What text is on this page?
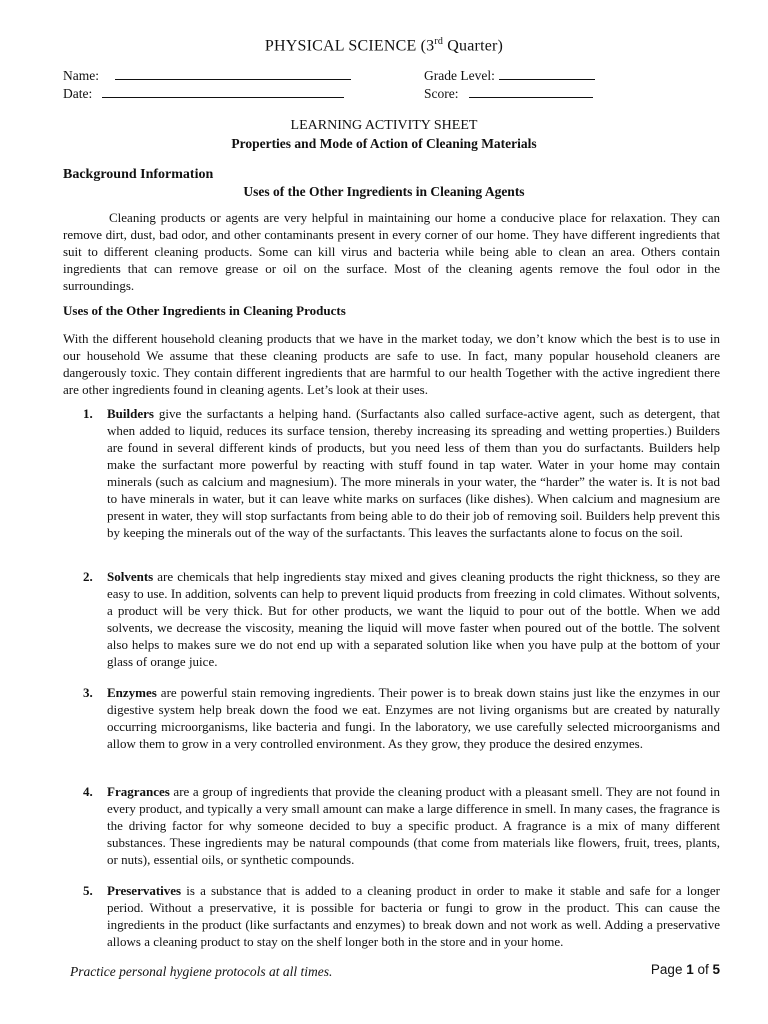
PHYSICAL SCIENCE (3rd Quarter)
Name:
Date:
Grade Level:
Score:
LEARNING ACTIVITY SHEET
Properties and Mode of Action of Cleaning Materials
Background Information
Uses of the Other Ingredients in Cleaning Agents

Cleaning products or agents are very helpful in maintaining our home a conducive place for relaxation. They can remove dirt, dust, bad odor, and other contaminants present in every corner of our home. They have different ingredients that suit to different cleaning products. Some can kill virus and bacteria while being able to clean an area. Others contain ingredients that can remove grease or oil on the surface. Most of the cleaning agents remove the foul odor in the surroundings.

Uses of the Other Ingredients in Cleaning Products

With the different household cleaning products that we have in the market today, we don’t know which the best is to use in our household We assume that these cleaning products are safe to use. In fact, many popular household cleaners are dangerously toxic. They contain different ingredients that are harmful to our health Together with the active ingredient there are other ingredients found in cleaning agents. Let’s look at their uses.

1. Builders give the surfactants a helping hand. (Surfactants also called surface-active agent, such as detergent, that when added to liquid, reduces its surface tension, thereby increasing its spreading and wetting properties.) Builders are found in several different kinds of products, but you need less of them than you do surfactants. Builders help make the surfactant more powerful by reacting with stuff found in tap water. Water in your home may contain minerals (such as calcium and magnesium). The more minerals in your water, the “harder” the water is. It is not bad to have minerals in water, but it can leave white marks on surfaces (like dishes). When calcium and magnesium are present in water, they will stop surfactants from being able to do their job of removing soil. Builders help prevent this by keeping the minerals out of the way of the surfactants. This leaves the surfactants alone to focus on the soil.
2. Solvents are chemicals that help ingredients stay mixed and gives cleaning products the right thickness, so they are easy to use. In addition, solvents can help to prevent liquid products from freezing in cold climates. Without solvents, a product will be very thick. But for other products, we want the liquid to pour out of the bottle. When we add solvents, we decrease the viscosity, meaning the liquid will move faster when poured out of the bottle. The solvent also helps to makes sure we do not end up with a separated solution like when you have pulp at the bottom of your glass of orange juice.
3. Enzymes are powerful stain removing ingredients. Their power is to break down stains just like the enzymes in our digestive system help break down the food we eat. Enzymes are not living organisms but are created by naturally occurring microorganisms, like bacteria and fungi. In the laboratory, we use carefully selected microorganisms and allow them to grow in a very controlled environment. As they grow, they produce the desired enzymes.
4. Fragrances are a group of ingredients that provide the cleaning product with a pleasant smell. They are not found in every product, and typically a very small amount can make a large difference in smell. In many cases, the fragrance is the driving factor for why someone decided to buy a specific product. A fragrance is a mix of many different substances. These ingredients may be natural compounds (that come from materials like flowers, fruit, trees, plants, or nuts), essential oils, or synthetic compounds.
5. Preservatives is a substance that is added to a cleaning product in order to make it stable and safe for a longer period. Without a preservative, it is possible for bacteria or fungi to grow in the product. This can cause the ingredients in the product (like surfactants and enzymes) to break down and not work as well. Adding a preservative allows a cleaning product to stay on the shelf longer both in the store and in your home.
Practice personal hygiene protocols at all times.	Page 1 of 5
